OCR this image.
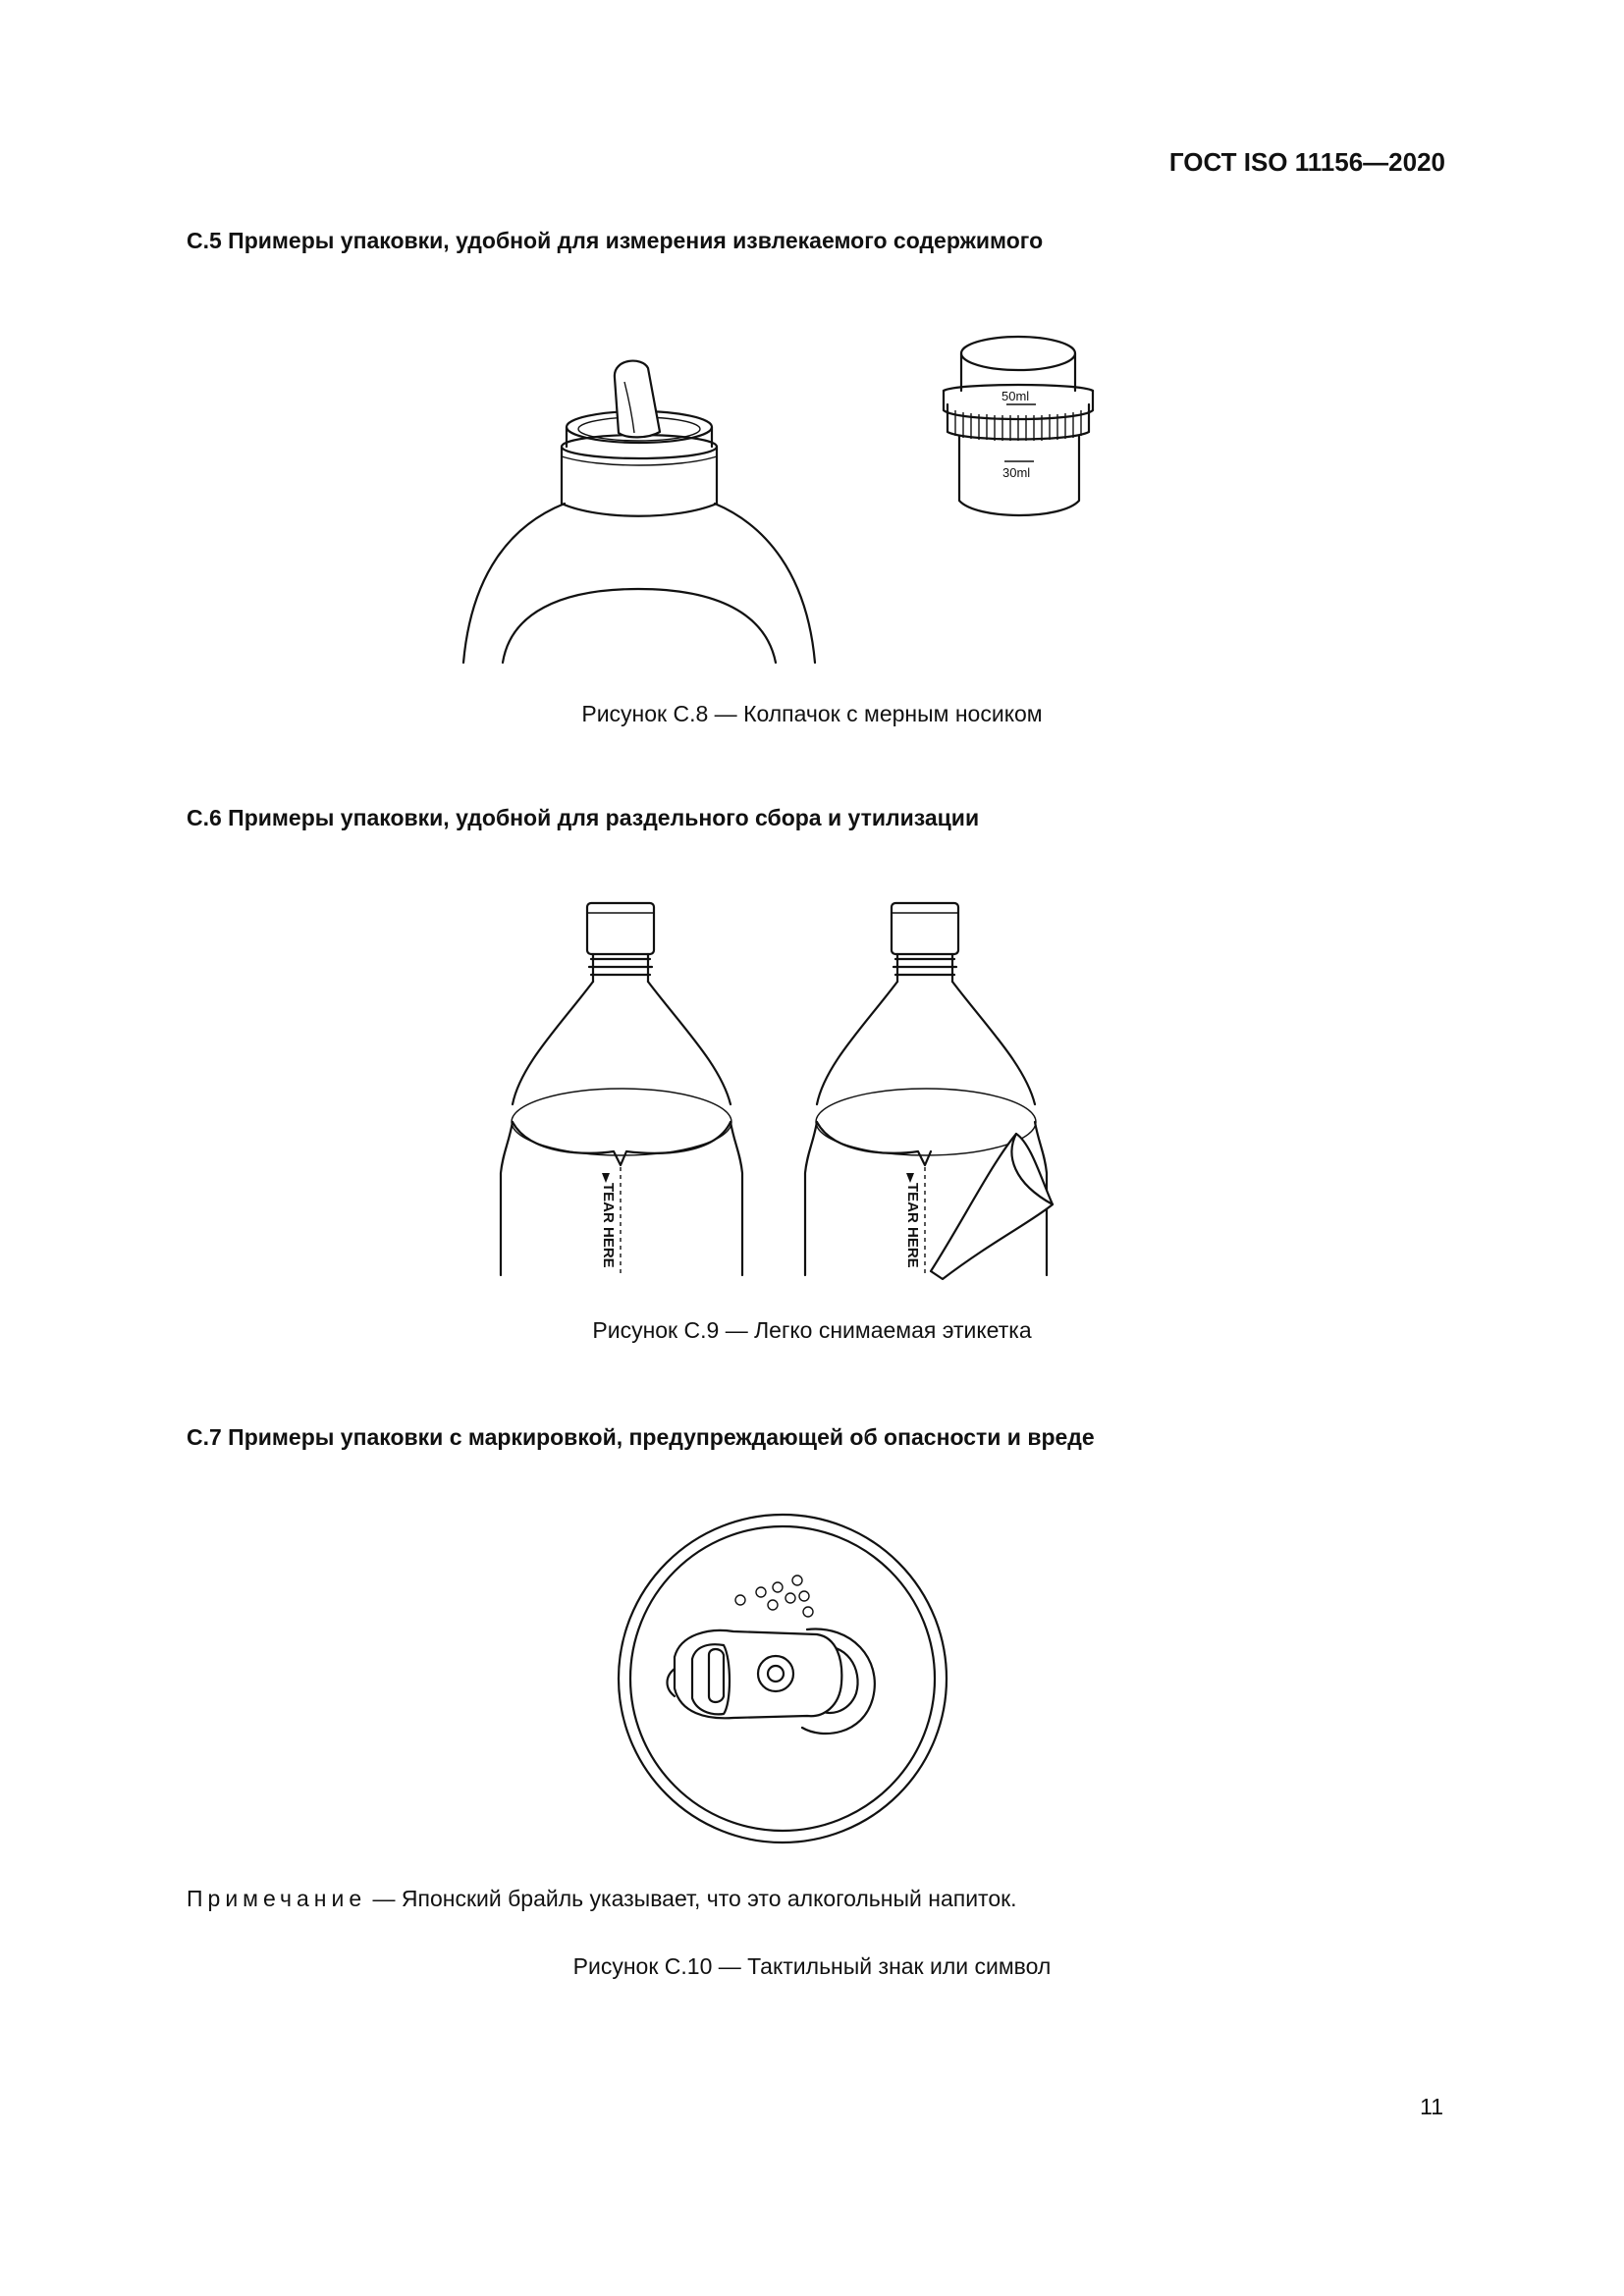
ГОСТ ISO 11156—2020
С.5 Примеры упаковки, удобной для измерения извлекаемого содержимого
50ml
30ml
Рисунок С.8 — Колпачок с мерным носиком
С.6 Примеры упаковки, удобной для раздельного сбора и утилизации
TEAR HERE	TEAR HERE
Рисунок С.9 — Легко снимаемая этикетка
С.7 Примеры упаковки с маркировкой, предупреждающей об опасности и вреде
Примечание — Японский брайль указывает, что это алкогольный напиток.
Рисунок С.10 — Тактильный знак или символ
11
